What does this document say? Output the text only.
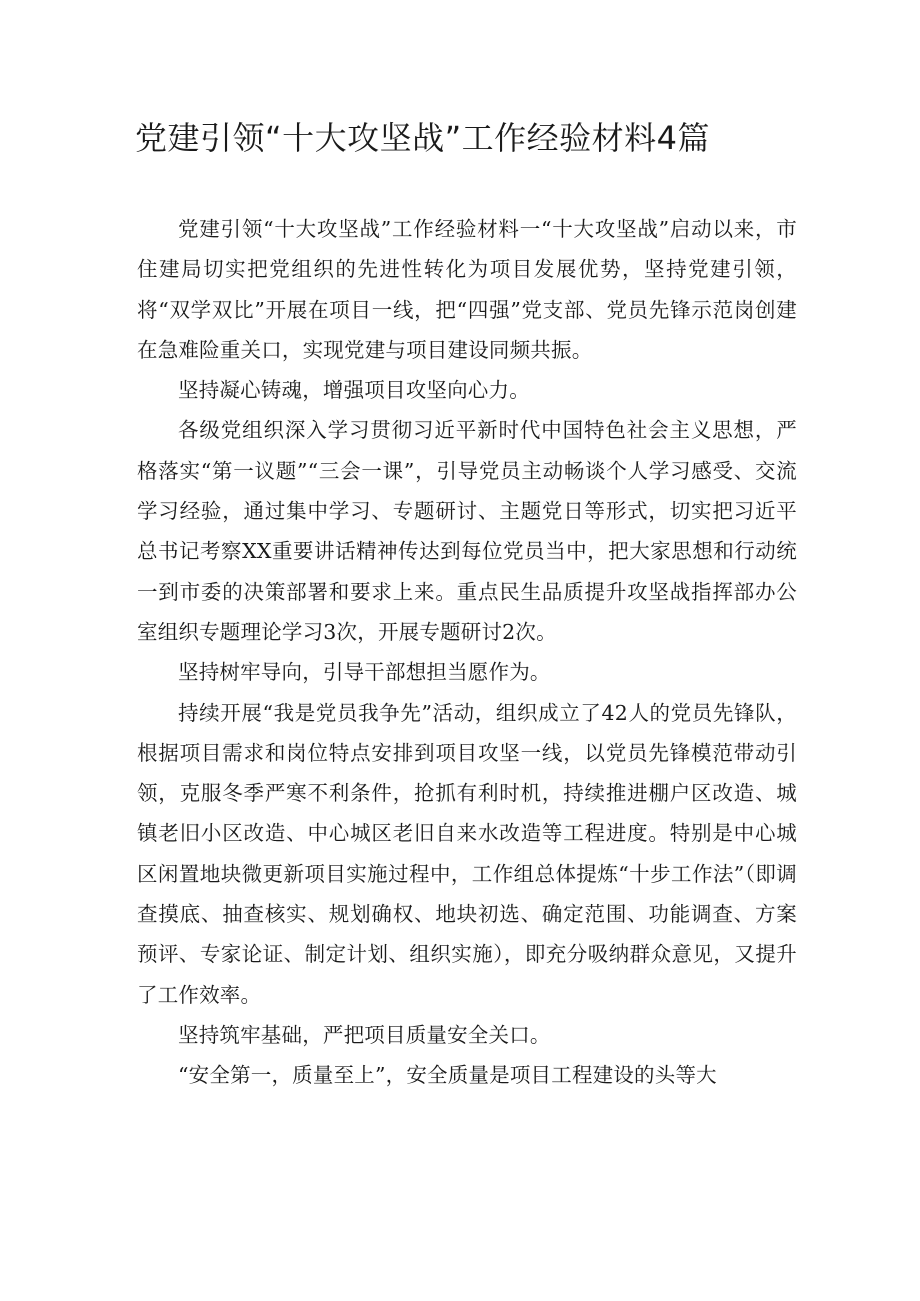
党建引领“十大攻坚战”工作经验材料4篇

党建引领“十大攻坚战”工作经验材料一“十大攻坚战”启动以来，市住建局切实把党组织的先进性转化为项目发展优势，坚持党建引领，将“双学双比”开展在项目一线，把“四强”党支部、党员先锋示范岗创建在急难险重关口，实现党建与项目建设同频共振。

坚持凝心铸魂，增强项目攻坚向心力。

各级党组织深入学习贯彻习近平新时代中国特色社会主义思想，严格落实“第一议题”“三会一课”，引导党员主动畅谈个人学习感受、交流学习经验，通过集中学习、专题研讨、主题党日等形式，切实把习近平总书记考察XX重要讲话精神传达到每位党员当中，把大家思想和行动统一到市委的决策部署和要求上来。重点民生品质提升攻坚战指挥部办公室组织专题理论学习3次，开展专题研讨2次。

坚持树牢导向，引导干部想担当愿作为。

持续开展“我是党员我争先”活动，组织成立了42人的党员先锋队，根据项目需求和岗位特点安排到项目攻坚一线，以党员先锋模范带动引领，克服冬季严寒不利条件，抢抓有利时机，持续推进棚户区改造、城镇老旧小区改造、中心城区老旧自来水改造等工程进度。特别是中心城区闲置地块微更新项目实施过程中，工作组总体提炼“十步工作法”（即调查摸底、抽查核实、规划确权、地块初选、确定范围、功能调查、方案预评、专家论证、制定计划、组织实施），即充分吸纳群众意见，又提升了工作效率。

坚持筑牢基础，严把项目质量安全关口。

“安全第一，质量至上”，安全质量是项目工程建设的头等大
